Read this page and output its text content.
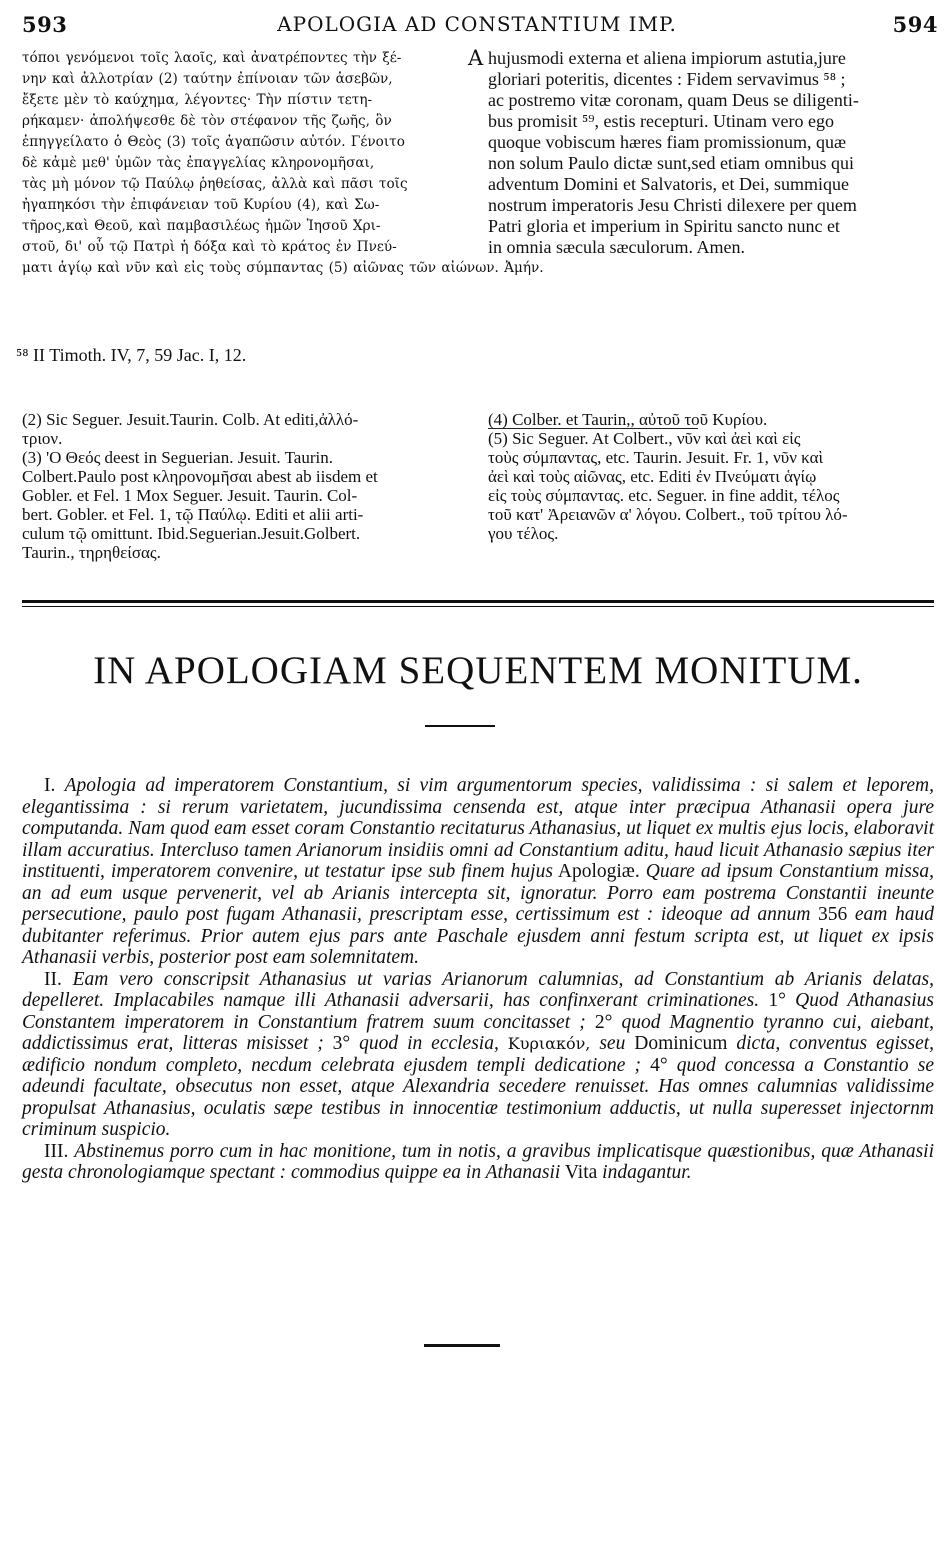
593	APOLOGIA AD CONSTANTIUM IMP.	594
τόποι γενόμενοι τοῖς λαοῖς, καὶ ἀνατρέποντες τὴν ξέ-
νην καὶ ἀλλοτρίαν (2) ταύτην ἐπίνοιαν τῶν ἀσεβῶν,
ἔξετε μὲν τὸ καύχημα, λέγοντες· Τὴν πίστιν τετη-
ρήκαμεν· ἀπολήψεσθε δὲ τὸν στέφανον τῆς ζωῆς, ὃν
ἐπηγγείλατο ὁ Θεὸς (3) τοῖς ἀγαπῶσιν αὐτόν. Γένοιτο
δὲ κἀμὲ μεθ' ὑμῶν τὰς ἐπαγγελίας κληρονομῆσαι,
τὰς μὴ μόνον τῷ Παύλῳ ῥηθείσας, ἀλλὰ καὶ πᾶσι τοῖς
ἠγαπηκόσι τὴν ἐπιφάνειαν τοῦ Κυρίου (4), καὶ Σω-
τῆρος,καὶ Θεοῦ, καὶ παμβασιλέως ἡμῶν Ἰησοῦ Χρι-
στοῦ, δι' οὗ τῷ Πατρὶ ἡ δόξα καὶ τὸ κράτος ἐν Πνεύ-
ματι ἁγίῳ καὶ νῦν καὶ εἰς τοὺς σύμπαντας (5) αἰῶνας τῶν αἰώνων. Ἀμήν.
A hujusmodi externa et aliena impiorum astutia,jure
gloriari poteritis, dicentes : Fidem servavimus ⁵⁸ ;
ac postremo vitæ coronam, quam Deus se diligenti-
bus promisit ⁵⁹, estis recepturi. Utinam vero ego
quoque vobiscum hæres fiam promissionum, quæ
non solum Paulo dictæ sunt,sed etiam omnibus qui
adventum Domini et Salvatoris, et Dei, summique
nostrum imperatoris Jesu Christi dilexere per quem
Patri gloria et imperium in Spiritu sancto nunc et
in omnia sæcula sæculorum. Amen.
⁵⁸ II Timoth. IV, 7, 59 Jac. I, 12.
(2) Sic Seguer. Jesuit.Taurin. Colb. At editi,ἀλλό-
τριον.
(3) 'Ο Θεός deest in Seguerian. Jesuit. Taurin.
Colbert.Paulo post κληρονομῆσαι abest ab iisdem et
Gobler. et Fel. 1 Mox Seguer. Jesuit. Taurin. Col-
bert. Gobler. et Fel. 1, τῷ Παύλῳ. Editi et alii arti-
culum τῷ omittunt. Ibid.Seguerian.Jesuit.Golbert.
Taurin., τηρηθείσας.
(4) Colber. et Taurin,, αὐτοῦ τοῦ Κυρίου.
(5) Sic Seguer. At Colbert., νῦν καὶ ἀεὶ καὶ εἰς
τοὺς σύμπαντας, etc. Taurin. Jesuit. Fr. 1, νῦν καὶ
ἀεὶ καὶ τοὺς αἰῶνας, etc. Editi ἐν Πνεύματι ἁγίῳ
εἰς τοὺς σύμπαντας. etc. Seguer. in fine addit, τέλος
τοῦ κατ' Ἀρειανῶν α' λόγου. Colbert., τοῦ τρίτου λό-
γου τέλος.
IN APOLOGIAM SEQUENTEM MONITUM.

I. Apologia ad imperatorem Constantium, si vim argumentorum species, validissima : si salem et leporem, elegantissima : si rerum varietatem, jucundissima censenda est, atque inter præcipua Athanasii opera jure computanda. Nam quod eam esset coram Constantio recitaturus Athanasius, ut liquet ex multis ejus locis, elaboravit illam accuratius. Intercluso tamen Arianorum insidiis omni ad Constantium aditu, haud licuit Athanasio sæpius iter instituenti, imperatorem convenire, ut testatur ipse sub finem hujus Apologiæ. Quare ad ipsum Constantium missa, an ad eum usque pervenerit, vel ab Arianis intercepta sit, ignoratur. Porro eam postrema Constantii ineunte persecutione, paulo post fugam Athanasii, prescriptam esse, certissimum est : ideoque ad annum 356 eam haud dubitanter referimus. Prior autem ejus pars ante Paschale ejusdem anni festum scripta est, ut liquet ex ipsis Athanasii verbis, posterior post eam solemnitatem.

II. Eam vero conscripsit Athanasius ut varias Arianorum calumnias, ad Constantium ab Arianis delatas, depelleret. Implacabiles namque illi Athanasii adversarii, has confinxerant criminationes. 1° Quod Athanasius Constantem imperatorem in Constantium fratrem suum concitasset ; 2° quod Magnentio tyranno cui, aiebant, addictissimus erat, litteras misisset ; 3° quod in ecclesia, Κυριακόν, seu Dominicum dicta, conventus egisset, ædificio nondum completo, necdum celebrata ejusdem templi dedicatione ; 4° quod concessa a Constantio se adeundi facultate, obsecutus non esset, atque Alexandria secedere renuisset. Has omnes calumnias validissime propulsat Athanasius, oculatis sæpe testibus in innocentiæ testimonium adductis, ut nulla superesset injectornm criminum suspicio.

III. Abstinemus porro cum in hac monitione, tum in notis, a gravibus implicatisque quæstionibus, quæ Athanasii gesta chronologiamque spectant : commodius quippe ea in Athanasii Vita indagantur.
